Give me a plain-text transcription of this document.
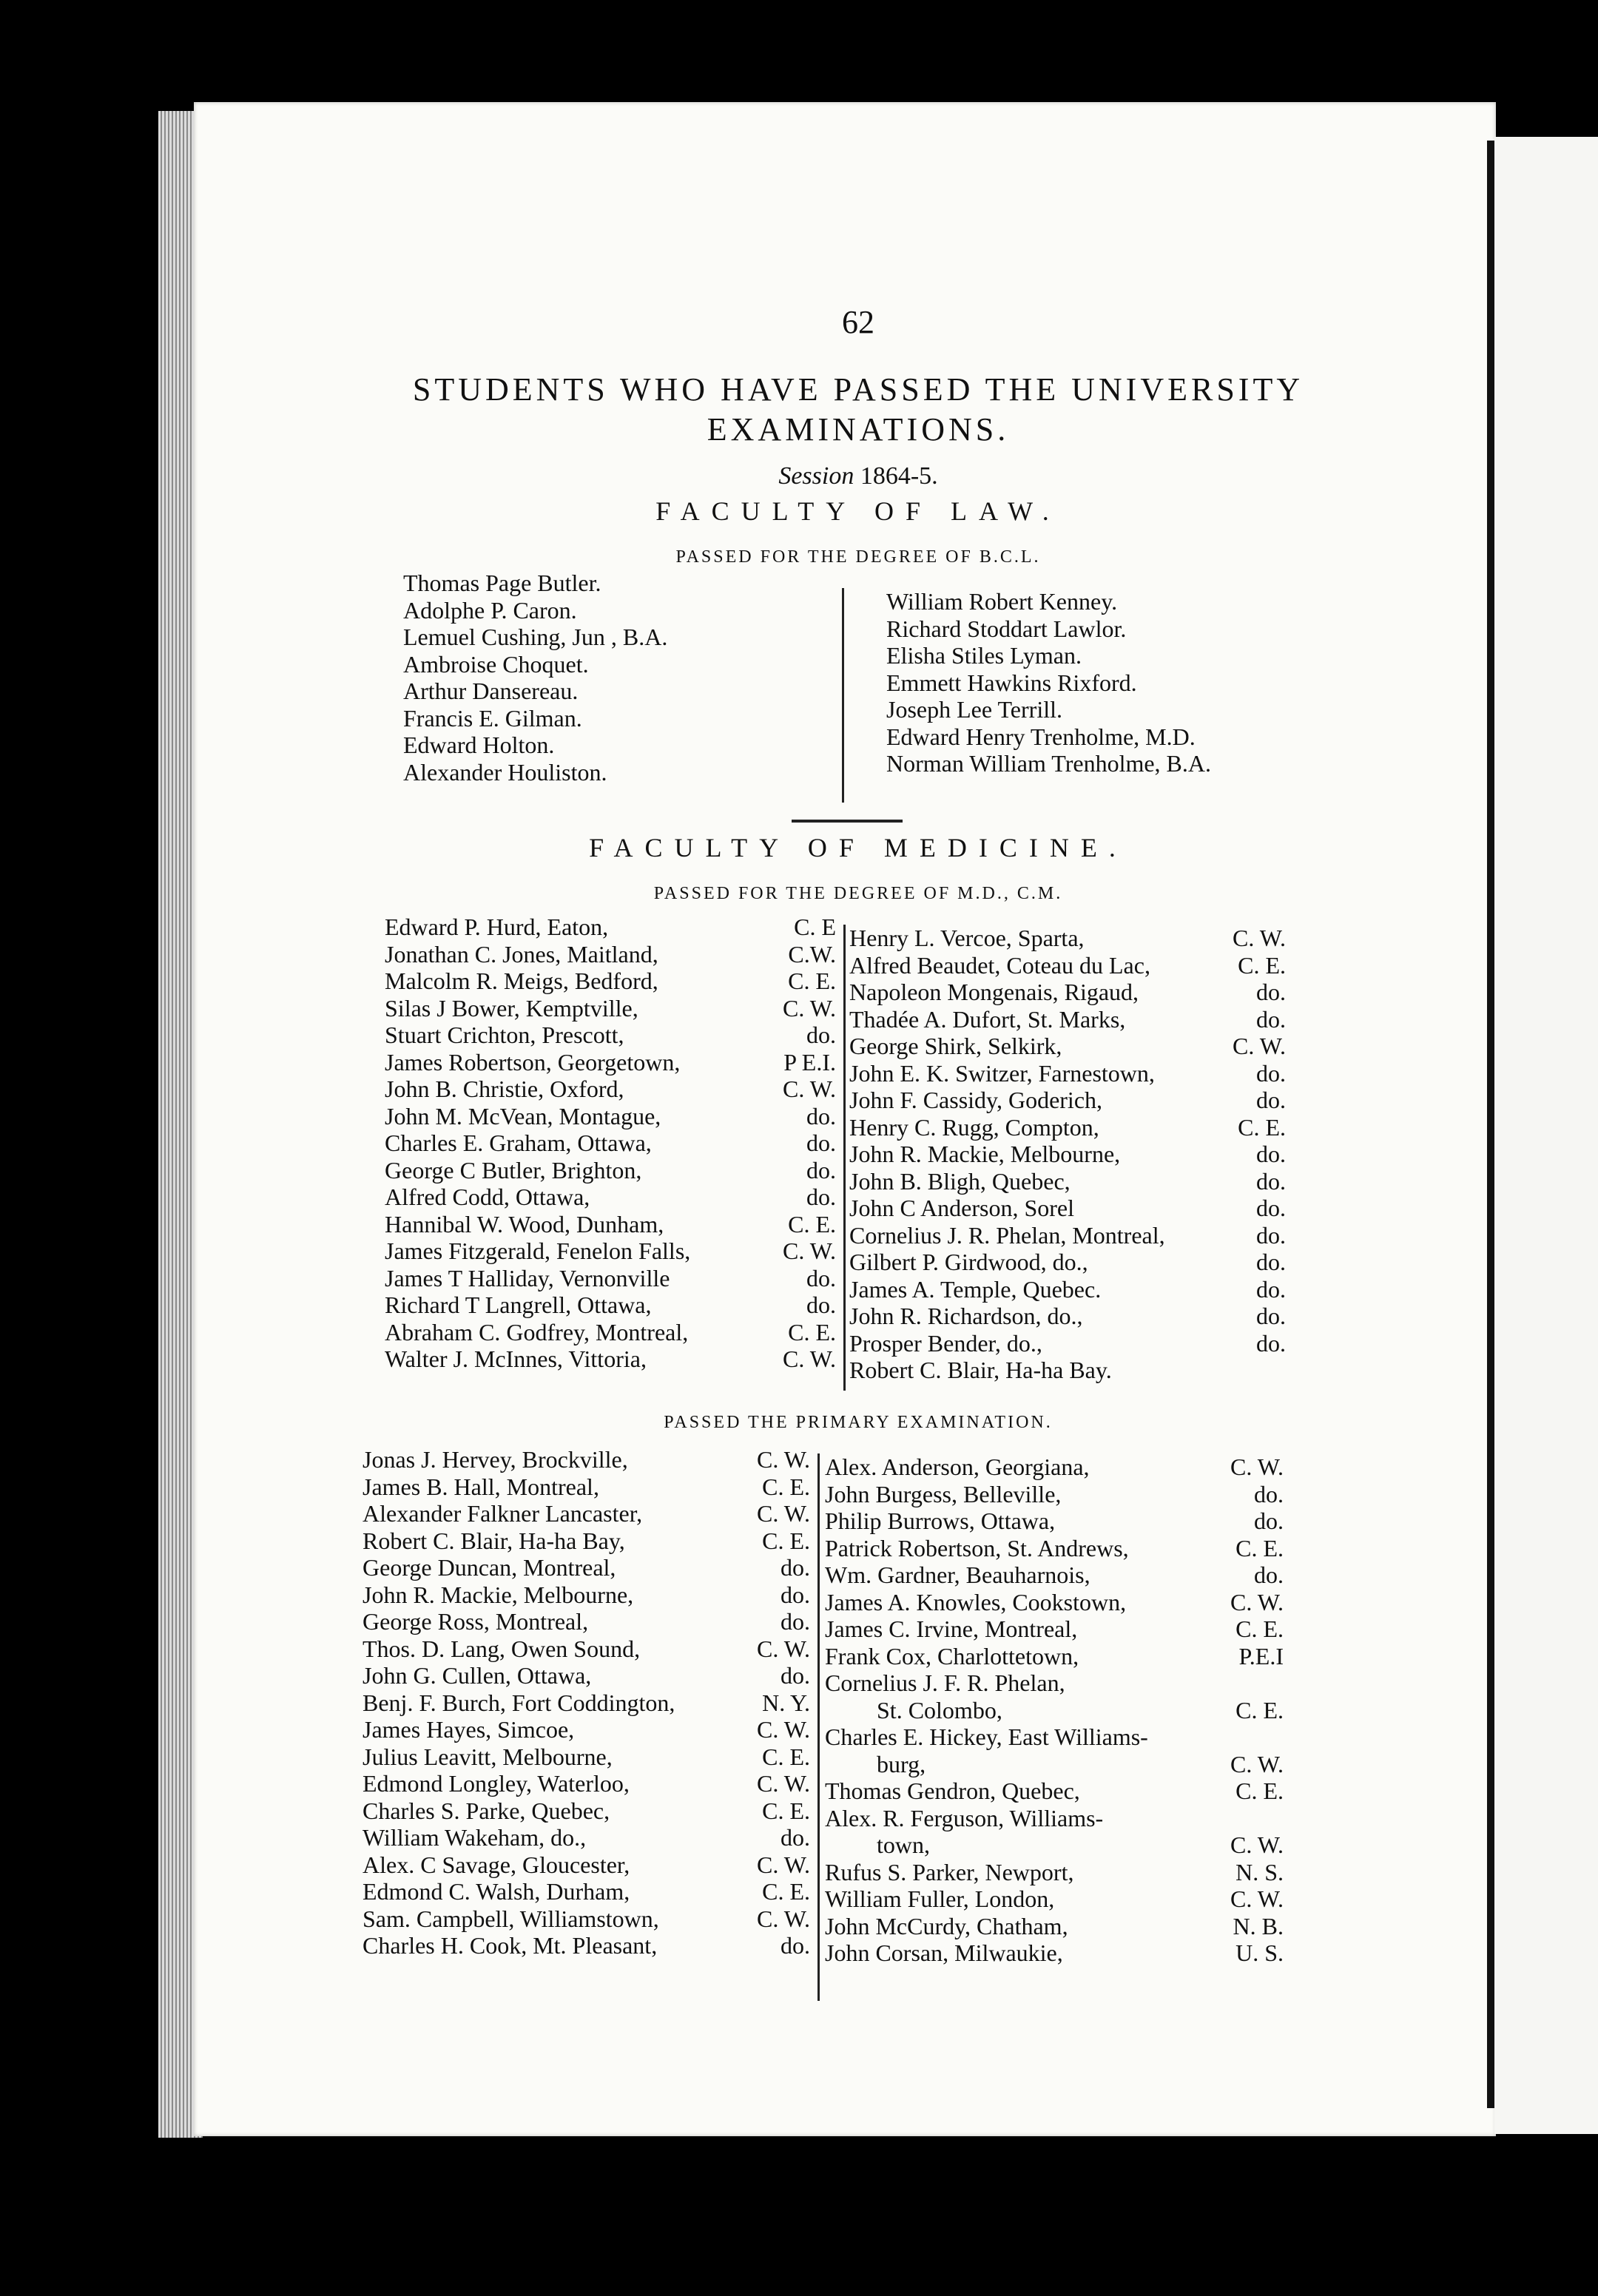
62
STUDENTS WHO HAVE PASSED THE UNIVERSITY EXAMINATIONS.
Session 1864-5.
FACULTY OF LAW.
PASSED FOR THE DEGREE OF B.C.L.
Thomas Page Butler.
Adolphe P. Caron.
Lemuel Cushing, Jun , B.A.
Ambroise Choquet.
Arthur Dansereau.
Francis E. Gilman.
Edward Holton.
Alexander Houliston.
William Robert Kenney.
Richard Stoddart Lawlor.
Elisha Stiles Lyman.
Emmett Hawkins Rixford.
Joseph Lee Terrill.
Edward Henry Trenholme, M.D.
Norman William Trenholme, B.A.
FACULTY OF MEDICINE.
PASSED FOR THE DEGREE OF M.D., C.M.
Edward P. Hurd, Eaton,	C. E
Jonathan C. Jones, Maitland,	C.W.
Malcolm R. Meigs, Bedford,	C. E.
Silas J Bower, Kemptville,	C. W.
Stuart Crichton, Prescott,	do.
James Robertson, Georgetown,	P E.I.
John B. Christie, Oxford,	C. W.
John M. McVean, Montague,	do.
Charles E. Graham, Ottawa,	do.
George C Butler, Brighton,	do.
Alfred Codd, Ottawa,	do.
Hannibal W. Wood, Dunham,	C. E.
James Fitzgerald, Fenelon Falls,	C. W.
James T Halliday, Vernonville	do.
Richard T Langrell, Ottawa,	do.
Abraham C. Godfrey, Montreal,	C. E.
Walter J. McInnes, Vittoria,	C. W.
Henry L. Vercoe, Sparta,	C. W.
Alfred Beaudet, Coteau du Lac,	C. E.
Napoleon Mongenais, Rigaud,	do.
Thadée A. Dufort, St. Marks,	do.
George Shirk, Selkirk,	C. W.
John E. K. Switzer, Farnestown,	do.
John F. Cassidy, Goderich,	do.
Henry C. Rugg, Compton,	C. E.
John R. Mackie, Melbourne,	do.
John B. Bligh, Quebec,	do.
John C Anderson, Sorel	do.
Cornelius J. R. Phelan, Montreal,	do.
Gilbert P. Girdwood, do.,	do.
James A. Temple, Quebec.	do.
John R. Richardson, do.,	do.
Prosper Bender, do.,	do.
Robert C. Blair, Ha-ha Bay.
PASSED THE PRIMARY EXAMINATION.
Jonas J. Hervey, Brockville,	C. W.
James B. Hall, Montreal,	C. E.
Alexander Falkner Lancaster,	C. W.
Robert C. Blair, Ha-ha Bay,	C. E.
George Duncan, Montreal,	do.
John R. Mackie, Melbourne,	do.
George Ross, Montreal,	do.
Thos. D. Lang, Owen Sound,	C. W.
John G. Cullen, Ottawa,	do.
Benj. F. Burch, Fort Coddington,	N. Y.
James Hayes, Simcoe,	C. W.
Julius Leavitt, Melbourne,	C. E.
Edmond Longley, Waterloo,	C. W.
Charles S. Parke, Quebec,	C. E.
William Wakeham, do.,	do.
Alex. C Savage, Gloucester,	C. W.
Edmond C. Walsh, Durham,	C. E.
Sam. Campbell, Williamstown,	C. W.
Charles H. Cook, Mt. Pleasant,	do.
Alex. Anderson, Georgiana,	C. W.
John Burgess, Belleville,	do.
Philip Burrows, Ottawa,	do.
Patrick Robertson, St. Andrews,	C. E.
Wm. Gardner, Beauharnois,	do.
James A. Knowles, Cookstown,	C. W.
James C. Irvine, Montreal,	C. E.
Frank Cox, Charlottetown,	P.E.I
Cornelius J. F. R. Phelan,
St. Colombo,	C. E.
Charles E. Hickey, East Williams-
burg,	C. W.
Thomas Gendron, Quebec,	C. E.
Alex. R. Ferguson, Williams-
town,	C. W.
Rufus S. Parker, Newport,	N. S.
William Fuller, London,	C. W.
John McCurdy, Chatham,	N. B.
John Corsan, Milwaukie,	U. S.
